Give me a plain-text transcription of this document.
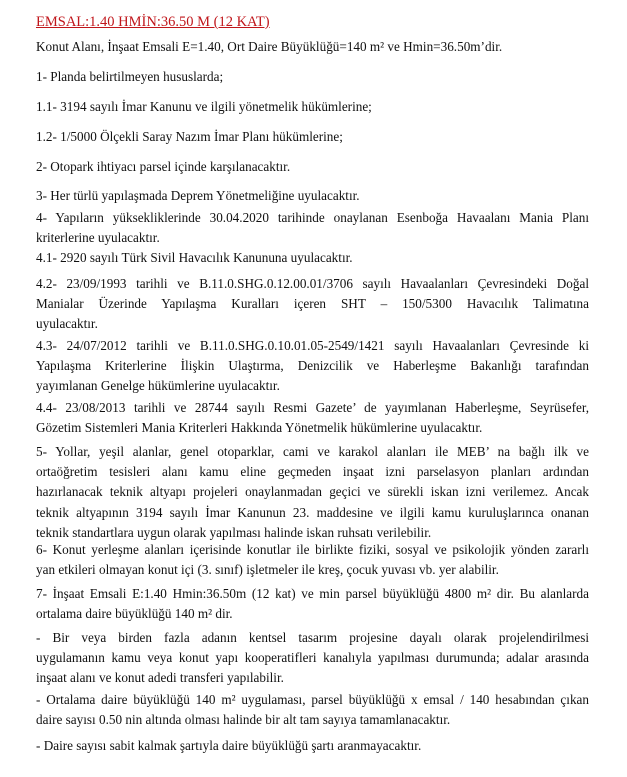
EMSAL:1.40 HMİN:36.50 M (12 KAT)

Konut Alanı, İnşaat Emsali E=1.40, Ort Daire Büyüklüğü=140 m² ve Hmin=36.50m’dir.

1- Planda belirtilmeyen hususlarda;

1.1- 3194 sayılı İmar Kanunu ve ilgili yönetmelik hükümlerine;

1.2- 1/5000 Ölçekli Saray Nazım İmar Planı hükümlerine;

2- Otopark ihtiyacı parsel içinde karşılanacaktır.

3- Her türlü yapılaşmada Deprem Yönetmeliğine uyulacaktır.

4- Yapıların yüksekliklerinde 30.04.2020 tarihinde onaylanan Esenboğa Havaalanı Mania Planı
kriterlerine uyulacaktır.

4.1- 2920 sayılı Türk Sivil Havacılık Kanununa uyulacaktır.

4.2- 23/09/1993 tarihli ve B.11.0.SHG.0.12.00.01/3706 sayılı Havaalanları Çevresindeki Doğal
Manialar Üzerinde Yapılaşma Kuralları içeren SHT – 150/5300 Havacılık Talimatına
uyulacaktır.

4.3- 24/07/2012 tarihli ve B.11.0.SHG.0.10.01.05-2549/1421 sayılı Havaalanları Çevresinde ki
Yapılaşma Kriterlerine İlişkin Ulaştırma, Denizcilik ve Haberleşme Bakanlığı tarafından
yayımlanan Genelge hükümlerine uyulacaktır.

4.4- 23/08/2013 tarihli ve 28744 sayılı Resmi Gazete’ de yayımlanan Haberleşme, Seyrüsefer,
Gözetim Sistemleri Mania Kriterleri Hakkında Yönetmelik hükümlerine uyulacaktır.

5- Yollar, yeşil alanlar, genel otoparklar, cami ve karakol alanları ile MEB’ na bağlı ilk ve
ortaöğretim tesisleri alanı kamu eline geçmeden inşaat izni parselasyon planları ardından
hazırlanacak teknik altyapı projeleri onaylanmadan geçici ve sürekli iskan izni verilemez. Ancak
teknik altyapının 3194 sayılı İmar Kanunun 23. maddesine ve ilgili kamu kuruluşlarınca onanan
teknik standartlara uygun olarak yapılması halinde iskan ruhsatı verilebilir.

6- Konut yerleşme alanları içerisinde konutlar ile birlikte fiziki, sosyal ve psikolojik yönden zararlı
yan etkileri olmayan konut içi (3. sınıf) işletmeler ile kreş, çocuk yuvası vb. yer alabilir.

7- İnşaat Emsali E:1.40 Hmin:36.50m (12 kat) ve min parsel büyüklüğü 4800 m² dir. Bu alanlarda
ortalama daire büyüklüğü 140 m² dir.

- Bir veya birden fazla adanın kentsel tasarım projesine dayalı olarak projelendirilmesi
uygulamanın kamu veya konut yapı kooperatifleri kanalıyla yapılması durumunda; adalar arasında
inşaat alanı ve konut adedi transferi yapılabilir.

- Ortalama daire büyüklüğü 140 m² uygulaması, parsel büyüklüğü x emsal / 140 hesabından çıkan
daire sayısı 0.50 nin altında olması halinde bir alt tam sayıya tamamlanacaktır.

- Daire sayısı sabit kalmak şartıyla daire büyüklüğü şartı aranmayacaktır.
